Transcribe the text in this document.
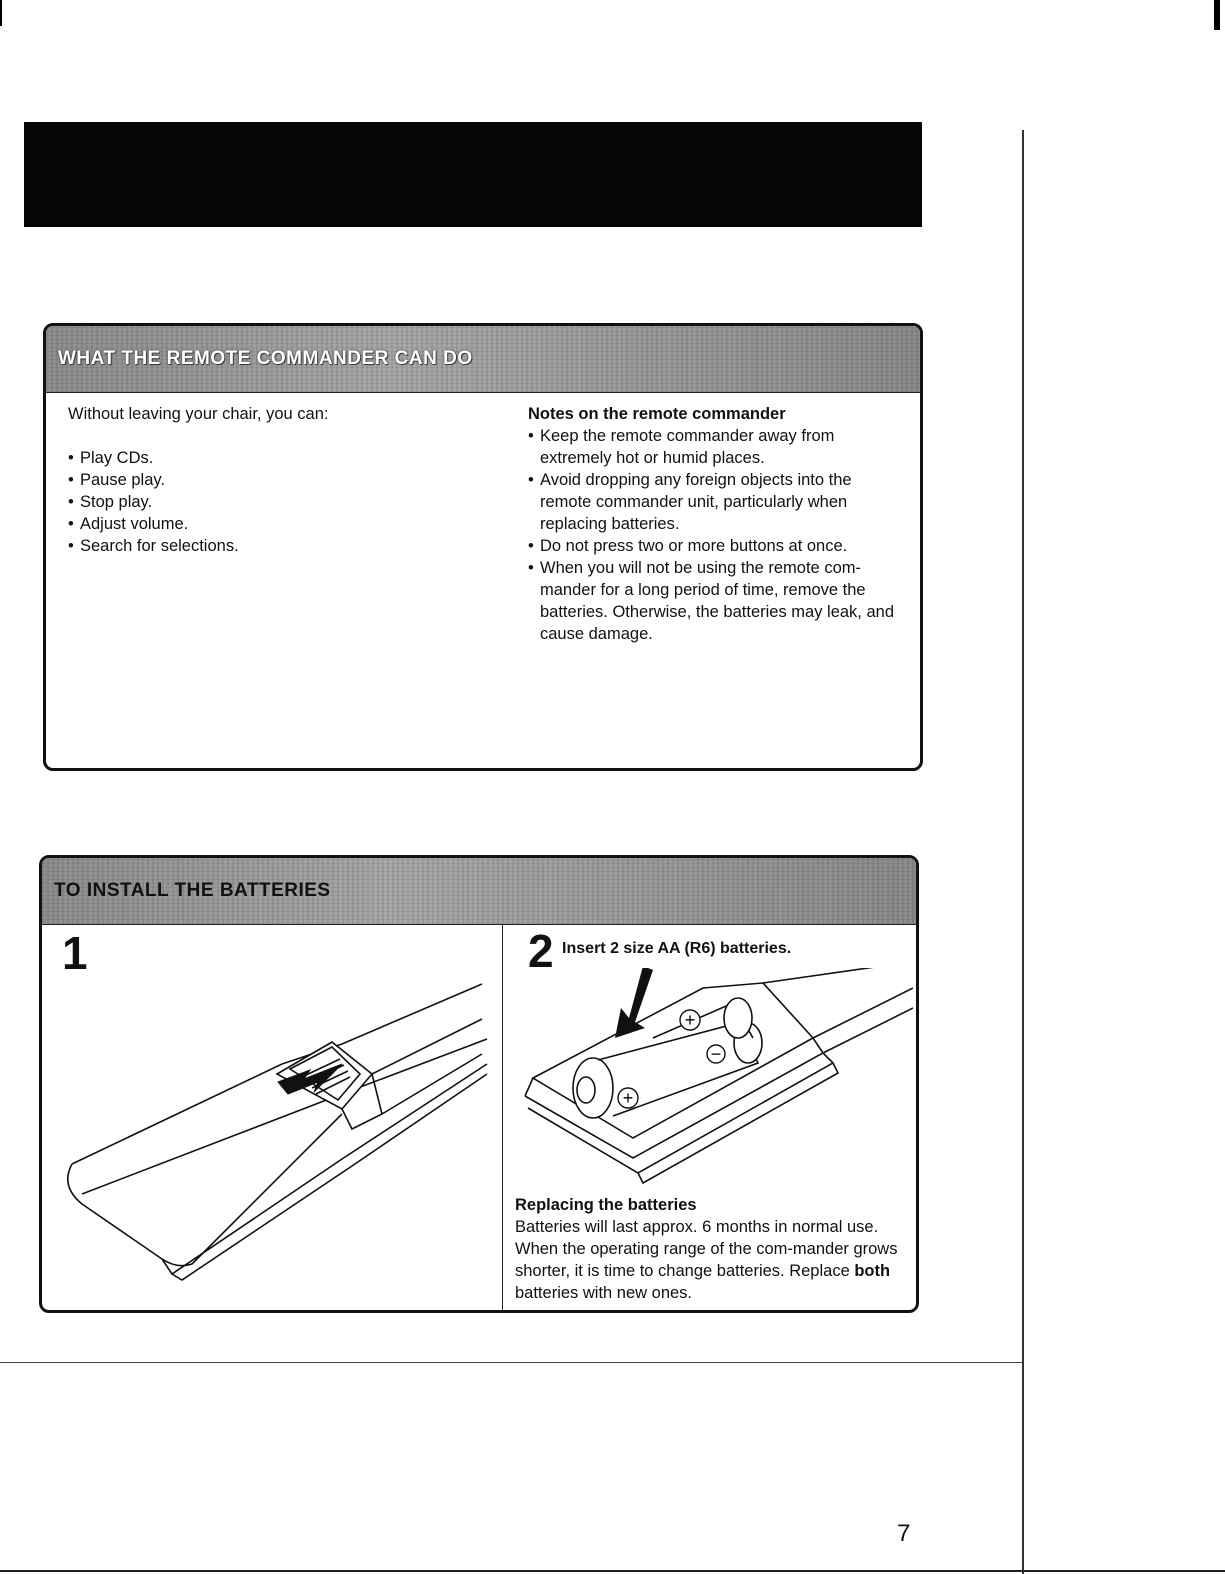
WHAT THE REMOTE COMMANDER CAN DO
Without leaving your chair, you can:
• Play CDs.
• Pause play.
• Stop play.
• Adjust volume.
• Search for selections.
Notes on the remote commander
• Keep the remote commander away from extremely hot or humid places.
• Avoid dropping any foreign objects into the remote commander unit, particularly when replacing batteries.
• Do not press two or more buttons at once.
• When you will not be using the remote com-mander for a long period of time, remove the batteries. Otherwise, the batteries may leak, and cause damage.
TO INSTALL THE BATTERIES
1	2 Insert 2 size AA (R6) batteries.
+
+
−
Replacing the batteries
Batteries will last approx. 6 months in normal use. When the operating range of the com-mander grows shorter, it is time to change batteries. Replace both batteries with new ones.
7
